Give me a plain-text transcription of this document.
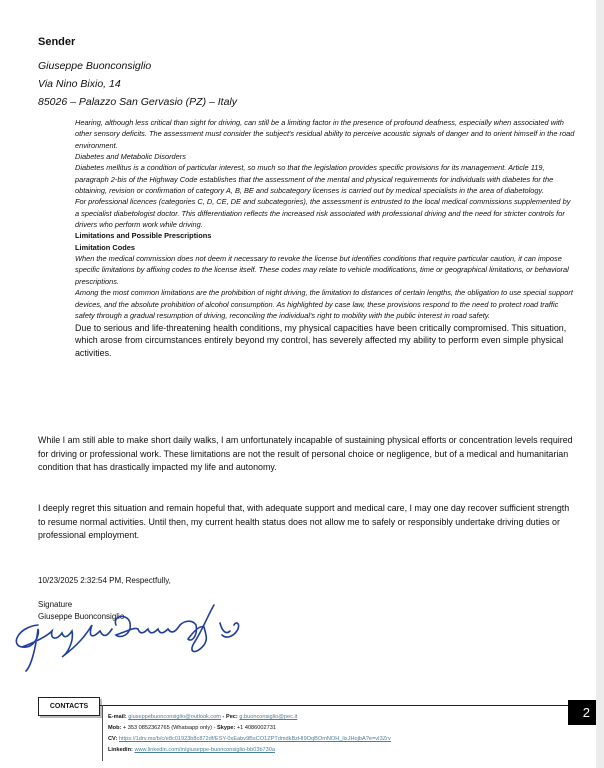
Sender
Giuseppe Buonconsiglio
Via Nino Bixio, 14
85026 – Palazzo San Gervasio (PZ) – Italy

Hearing, although less critical than sight for driving, can still be a limiting factor in the presence of profound deafness, especially when associated with other sensory deficits. The assessment must consider the subject's residual ability to perceive acoustic signals of danger and to orient himself in the road environment.

Diabetes and Metabolic Disorders

Diabetes mellitus is a condition of particular interest, so much so that the legislation provides specific provisions for its management. Article 119, paragraph 2-bis of the Highway Code establishes that the assessment of the mental and physical requirements for individuals with diabetes for the obtaining, revision or confirmation of category A, B, BE and subcategory licenses is carried out by medical specialists in the area of diabetology.

For professional licences (categories C, D, CE, DE and subcategories), the assessment is entrusted to the local medical commissions supplemented by a specialist diabetologist doctor. This differentiation reflects the increased risk associated with professional driving and the need for stricter controls for drivers who perform work while driving.

Limitations and Possible Prescriptions

Limitation Codes

When the medical commission does not deem it necessary to revoke the license but identifies conditions that require particular caution, it can impose specific limitations by affixing codes to the license itself. These codes may relate to vehicle modifications, time or geographical limitations, or behavioral prescriptions.

Among the most common limitations are the prohibition of night driving, the limitation to distances of certain lengths, the obligation to use special support devices, and the absolute prohibition of alcohol consumption. As highlighted by case law, these provisions respond to the need to protect road traffic safety through a gradual resumption of driving, reconciling the individual's right to mobility with the public interest in road safety.

Due to serious and life-threatening health conditions, my physical capacities have been critically compromised. This situation, which arose from circumstances entirely beyond my control, has severely affected my ability to perform even simple physical activities.

While I am still able to make short daily walks, I am unfortunately incapable of sustaining physical efforts or concentration levels required for driving or professional work. These limitations are not the result of personal choice or negligence, but of a medical and humanitarian condition that has drastically impacted my life and autonomy.
I deeply regret this situation and remain hopeful that, with adequate support and medical care, I may one day recover sufficient strength to resume normal activities. Until then, my current health status does not allow me to safely or responsibly undertake driving duties or professional employment.
10/23/2025 2:32:54 PM, Respectfully,
Signature
Giuseppe Buonconsiglio
CONTACTS	2
E-mail: giuseppebuonconsiglio@outlook.com - Pec: g.buonconsiglio@pec.it
Mob: + 353 0852362765 (Whatsapp only) - Skype: +1 4086002731
CV: https://1drv.ms/b/c/e8c01923b8c872df/ESY-0xEabv9BsCO1ZPTdmdkBzHI9OqBOmNOH_lixJHojbA?e=vI3Zrv
Linkedin: www.linkedin.com/in/giuseppe-buonconsiglio-bb03b730a
